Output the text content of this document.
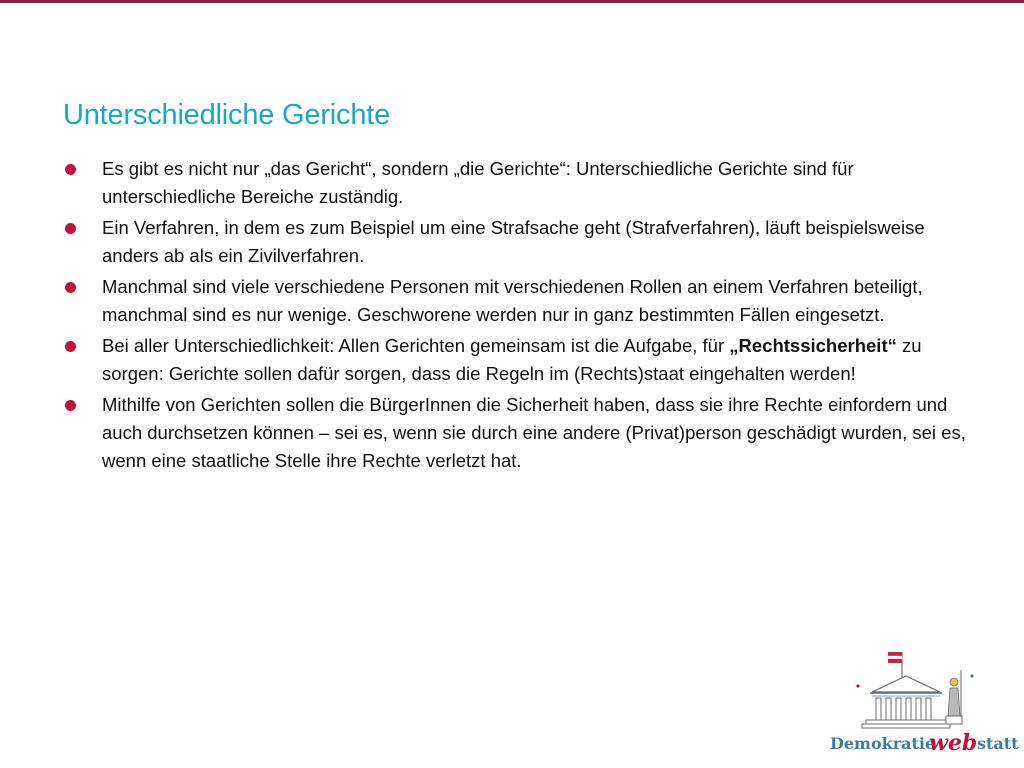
Unterschiedliche Gerichte
Es gibt es nicht nur „das Gericht“, sondern „die Gerichte“: Unterschiedliche Gerichte sind für unterschiedliche Bereiche zuständig.
Ein Verfahren, in dem es zum Beispiel um eine Strafsache geht (Strafverfahren), läuft beispielsweise anders ab als ein Zivilverfahren.
Manchmal sind viele verschiedene Personen mit verschiedenen Rollen an einem Verfahren beteiligt, manchmal sind es nur wenige. Geschworene werden nur in ganz bestimmten Fällen eingesetzt.
Bei aller Unterschiedlichkeit: Allen Gerichten gemeinsam ist die Aufgabe, für „Rechtssicherheit“ zu sorgen: Gerichte sollen dafür sorgen, dass die Regeln im (Rechts)staat eingehalten werden!
Mithilfe von Gerichten sollen die BürgerInnen die Sicherheit haben, dass sie ihre Rechte einfordern und auch durchsetzen können – sei es, wenn sie durch eine andere (Privat)person geschädigt wurden, sei es, wenn eine staatliche Stelle ihre Rechte verletzt hat.
Demokratie
web statt
